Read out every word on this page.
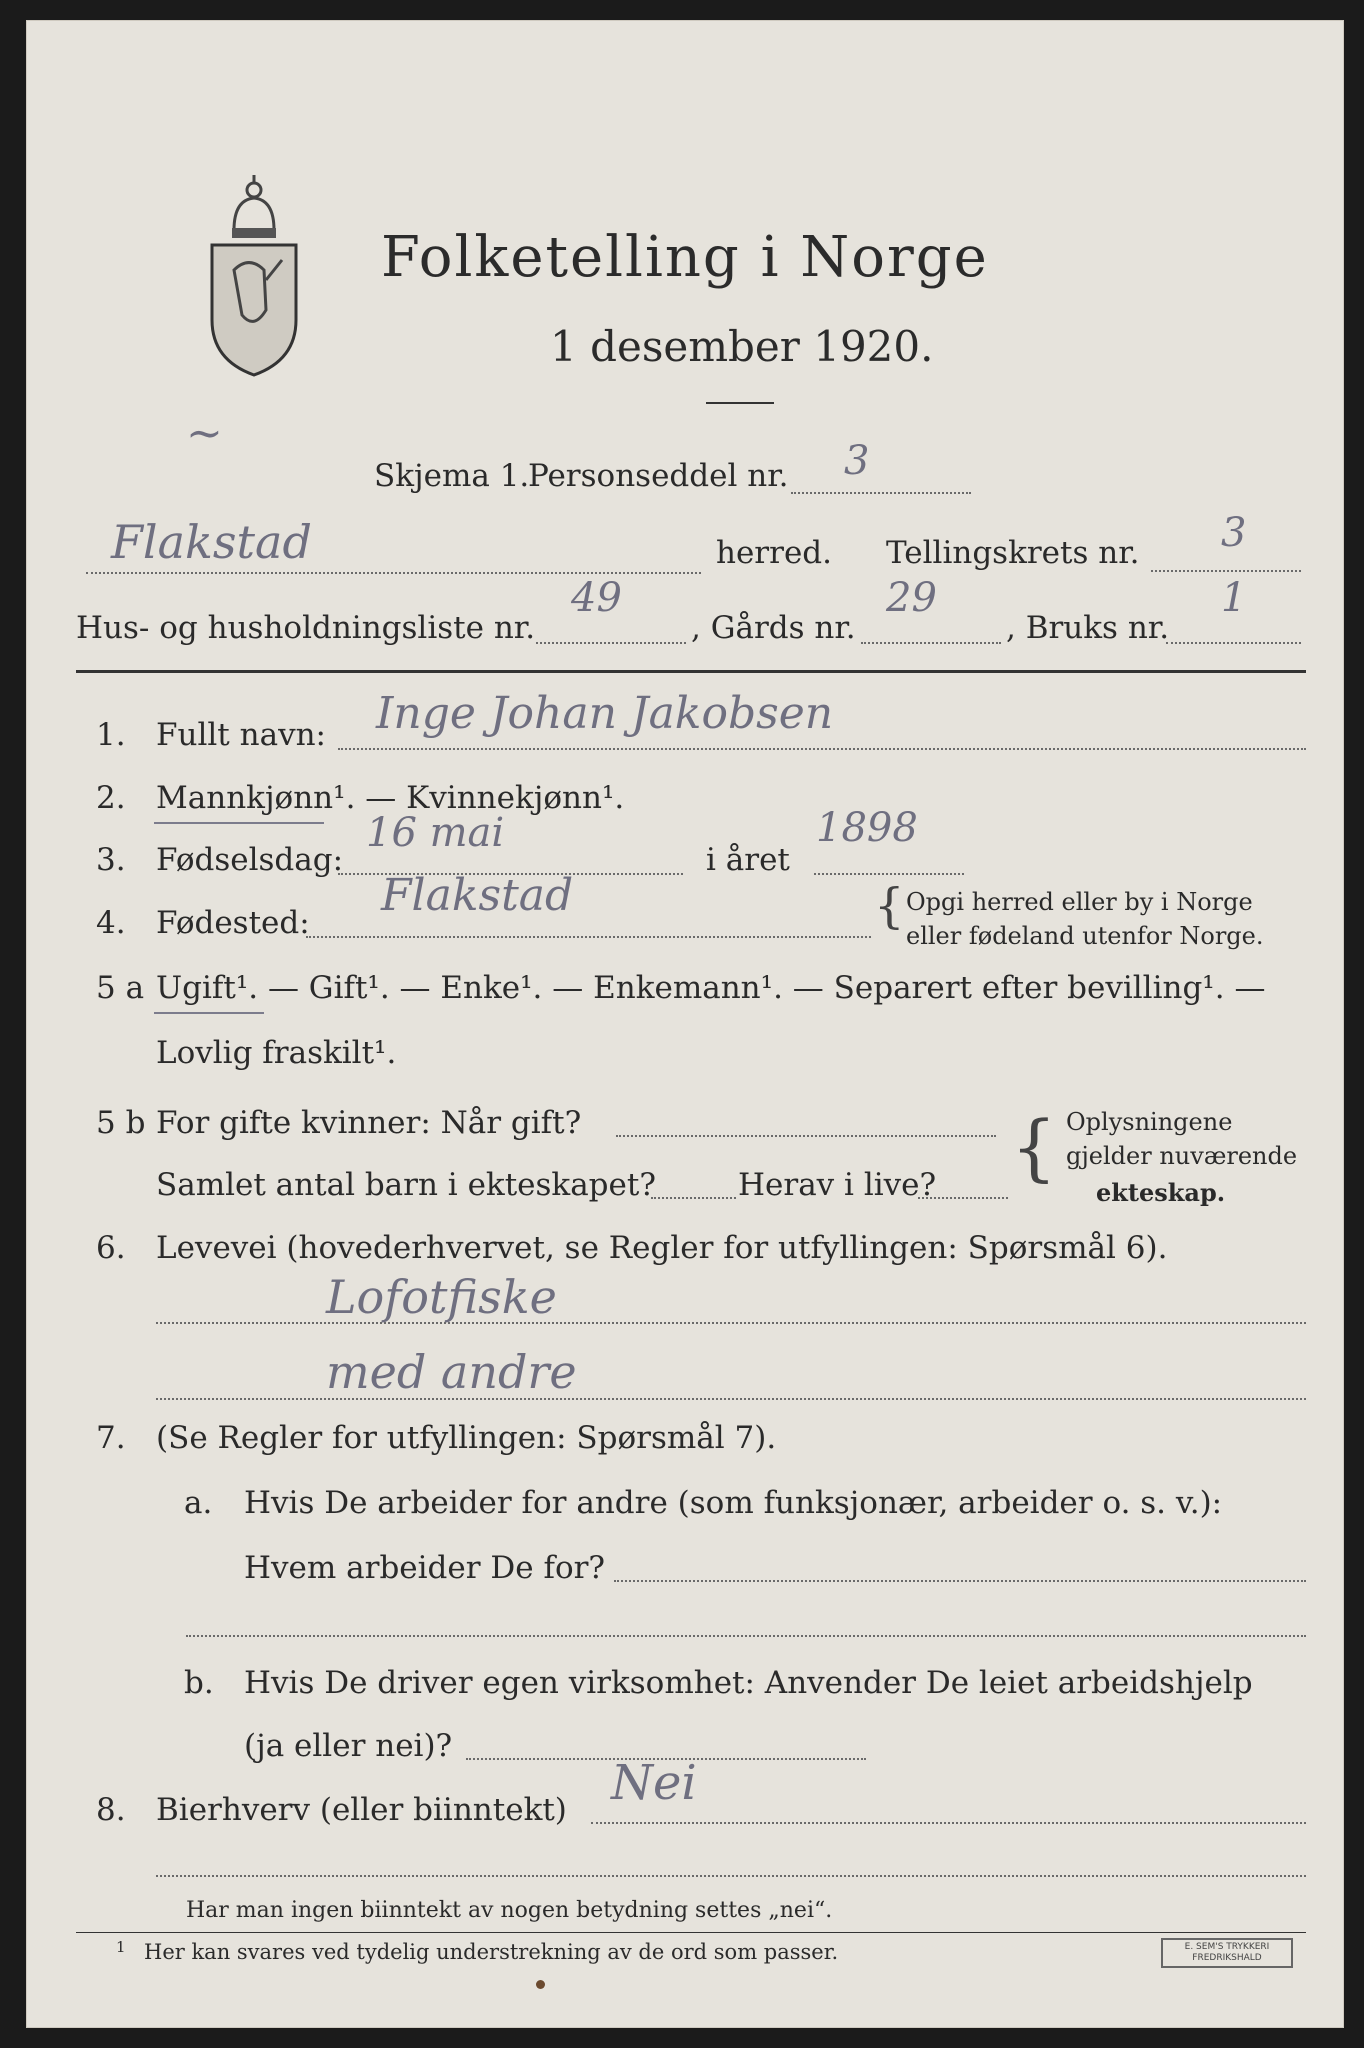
Folketelling i Norge
1 desember 1920.
~
Skjema 1.
Personseddel nr. 3
Flakstad	herred. Tellingskrets nr. 3
Hus- og husholdningsliste nr.
49
, Gårds nr.
29
, Bruks nr.
1
1. Fullt navn: Inge Johan Jakobsen
2. Mannkjønn¹. — Kvinnekjønn¹.
3. Fødselsdag:
16 mai
i året
1898
4. Fødested:
Flakstad	{ Opgi herred eller by i Norge
eller fødeland utenfor Norge.
5 a Ugift¹. — Gift¹. — Enke¹. — Enkemann¹. — Separert efter bevilling¹. —
Lovlig fraskilt¹.
5 b For gifte kvinner: Når gift?
Samlet antal barn i ekteskapet?	Herav i live? { Oplysningene
gjelder nuværende
ekteskap.
6. Levevei (hovederhvervet, se Regler for utfyllingen: Spørsmål 6).
Lofotfiske
med andre
7. (Se Regler for utfyllingen: Spørsmål 7).
a. Hvis De arbeider for andre (som funksjonær, arbeider o. s. v.):
Hvem arbeider De for?
b. Hvis De driver egen virksomhet: Anvender De leiet arbeidshjelp
(ja eller nei)?
8. Bierhverv (eller biinntekt) Nei
Har man ingen biinntekt av nogen betydning settes „nei“.
1 Her kan svares ved tydelig understrekning av de ord som passer.	E. SEM'S TRYKKERI FREDRIKSHALD
